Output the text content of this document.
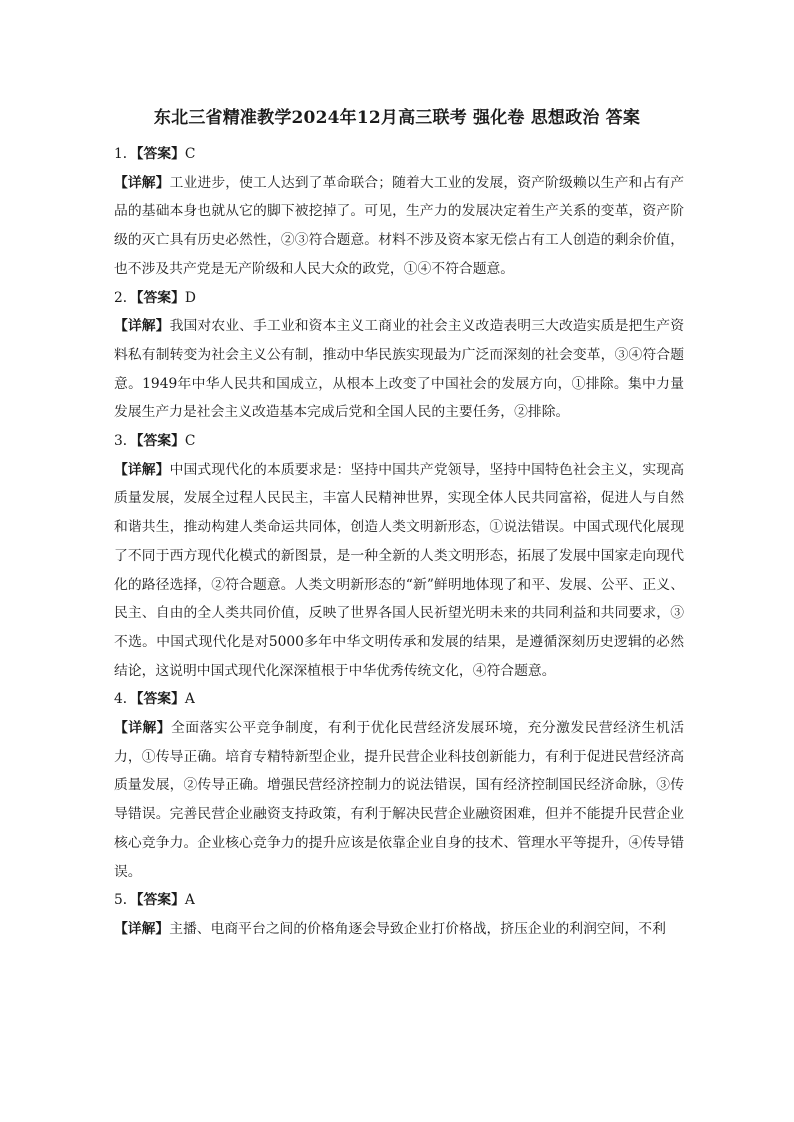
东北三省精准教学2024年12月高三联考 强化卷 思想政治 答案

1．【答案】C

【详解】工业进步，使工人达到了革命联合；随着大工业的发展，资产阶级赖以生产和占有产品的基础本身也就从它的脚下被挖掉了。可见，生产力的发展决定着生产关系的变革，资产阶级的灭亡具有历史必然性，②③符合题意。材料不涉及资本家无偿占有工人创造的剩余价值，也不涉及共产党是无产阶级和人民大众的政党，①④不符合题意。

2．【答案】D

【详解】我国对农业、手工业和资本主义工商业的社会主义改造表明三大改造实质是把生产资料私有制转变为社会主义公有制，推动中华民族实现最为广泛而深刻的社会变革，③④符合题意。1949年中华人民共和国成立，从根本上改变了中国社会的发展方向，①排除。集中力量发展生产力是社会主义改造基本完成后党和全国人民的主要任务，②排除。

3．【答案】C

【详解】中国式现代化的本质要求是：坚持中国共产党领导，坚持中国特色社会主义，实现高质量发展，发展全过程人民民主，丰富人民精神世界，实现全体人民共同富裕，促进人与自然和谐共生，推动构建人类命运共同体，创造人类文明新形态，①说法错误。中国式现代化展现了不同于西方现代化模式的新图景，是一种全新的人类文明形态，拓展了发展中国家走向现代化的路径选择，②符合题意。人类文明新形态的“新”鲜明地体现了和平、发展、公平、正义、民主、自由的全人类共同价值，反映了世界各国人民祈望光明未来的共同利益和共同要求，③不选。中国式现代化是对5000多年中华文明传承和发展的结果，是遵循深刻历史逻辑的必然结论，这说明中国式现代化深深植根于中华优秀传统文化，④符合题意。

4．【答案】A

【详解】全面落实公平竞争制度，有利于优化民营经济发展环境，充分激发民营经济生机活力，①传导正确。培育专精特新型企业，提升民营企业科技创新能力，有利于促进民营经济高质量发展，②传导正确。增强民营经济控制力的说法错误，国有经济控制国民经济命脉，③传导错误。完善民营企业融资支持政策，有利于解决民营企业融资困难，但并不能提升民营企业核心竞争力。企业核心竞争力的提升应该是依靠企业自身的技术、管理水平等提升，④传导错误。

5．【答案】A

【详解】主播、电商平台之间的价格角逐会导致企业打价格战，挤压企业的利润空间，不利
